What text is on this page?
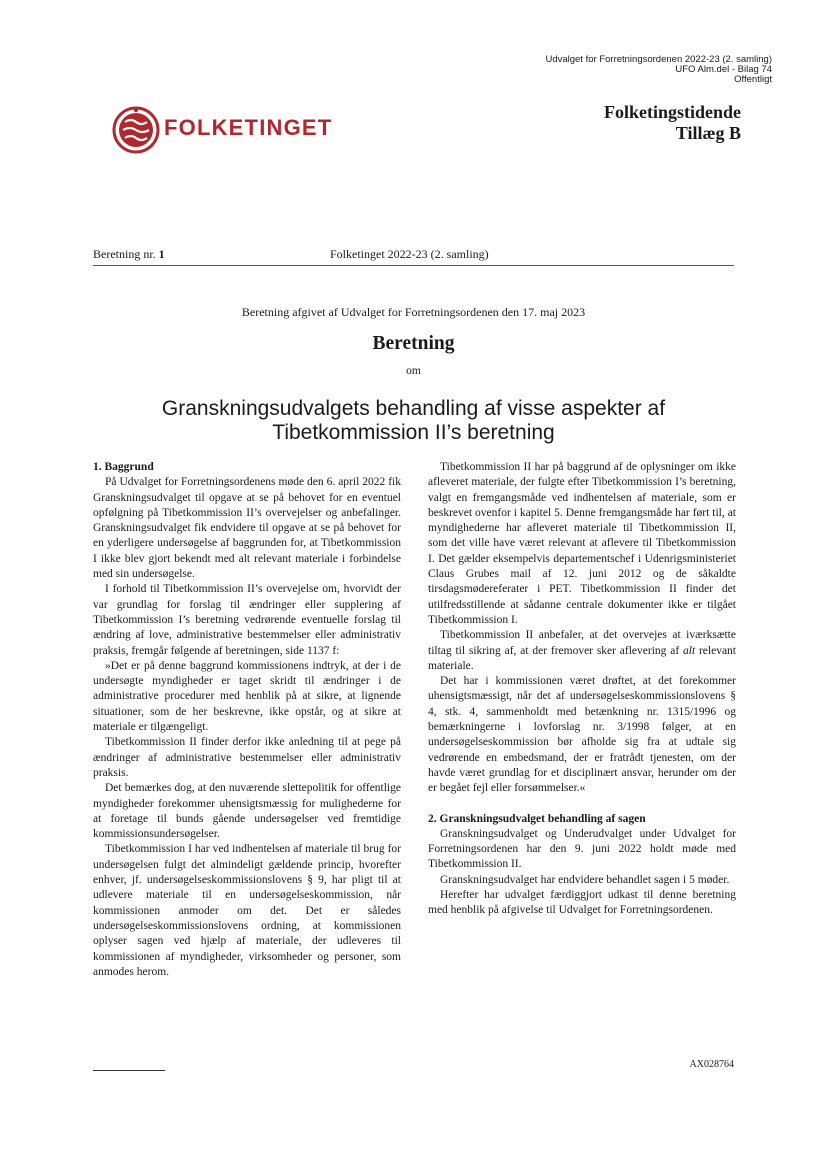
Udvalget for Forretningsordenen 2022-23 (2. samling)
UFO Alm.del - Bilag 74
Offentligt
FOLKETINGET
Folketingstidende
Tillæg B
Beretning nr. 1	Folketinget 2022-23 (2. samling)
Beretning afgivet af Udvalget for Forretningsordenen den 17. maj 2023
Beretning
om
Granskningsudvalgets behandling af visse aspekter af Tibetkommission II’s beretning
1. Baggrund

På Udvalget for Forretningsordenens møde den 6. april 2022 fik Granskningsudvalget til opgave at se på behovet for en eventuel opfølgning på Tibetkommission II’s overvejelser og anbefalinger. Granskningsudvalget fik endvidere til opgave at se på behovet for en yderligere undersøgelse af baggrunden for, at Tibetkommission I ikke blev gjort bekendt med alt relevant materiale i forbindelse med sin undersøgelse.

I forhold til Tibetkommission II’s overvejelse om, hvorvidt der var grundlag for forslag til ændringer eller supplering af Tibetkommission I’s beretning vedrørende eventuelle forslag til ændring af love, administrative bestemmelser eller administrativ praksis, fremgår følgende af beretningen, side 1137 f:

»Det er på denne baggrund kommissionens indtryk, at der i de undersøgte myndigheder er taget skridt til ændringer i de administrative procedurer med henblik på at sikre, at lignende situationer, som de her beskrevne, ikke opstår, og at sikre at materiale er tilgængeligt.

Tibetkommission II finder derfor ikke anledning til at pege på ændringer af administrative bestemmelser eller administrativ praksis.

Det bemærkes dog, at den nuværende slettepolitik for offentlige myndigheder forekommer uhensigtsmæssig for mulighederne for at foretage til bunds gående undersøgelser ved fremtidige kommissionsundersøgelser.

Tibetkommission I har ved indhentelsen af materiale til brug for undersøgelsen fulgt det almindeligt gældende princip, hvorefter enhver, jf. undersøgelseskommissionslovens § 9, har pligt til at udlevere materiale til en undersøgelseskommission, når kommissionen anmoder om det. Det er således undersøgelseskommissionslovens ordning, at kommissionen oplyser sagen ved hjælp af materiale, der udleveres til kommissionen af myndigheder, virksomheder og personer, som anmodes herom.

Tibetkommission II har på baggrund af de oplysninger om ikke afleveret materiale, der fulgte efter Tibetkommission I’s beretning, valgt en fremgangsmåde ved indhentelsen af materiale, som er beskrevet ovenfor i kapitel 5. Denne fremgangsmåde har ført til, at myndighederne har afleveret materiale til Tibetkommission II, som det ville have været relevant at aflevere til Tibetkommission I. Det gælder eksempelvis departementschef i Udenrigsministeriet Claus Grubes mail af 12. juni 2012 og de såkaldte tirsdagsmødereferater i PET. Tibetkommission II finder det utilfredsstillende at sådanne centrale dokumenter ikke er tilgået Tibetkommission I.

Tibetkommission II anbefaler, at det overvejes at iværksætte tiltag til sikring af, at der fremover sker aflevering af alt relevant materiale.

Det har i kommissionen været drøftet, at det forekommer uhensigtsmæssigt, når det af undersøgelseskommissionslovens § 4, stk. 4, sammenholdt med betænkning nr. 1315/1996 og bemærkningerne i lovforslag nr. 3/1998 følger, at en undersøgelseskommission bør afholde sig fra at udtale sig vedrørende en embedsmand, der er fratrådt tjenesten, om der havde været grundlag for et disciplinært ansvar, herunder om der er begået fejl eller forsømmelser.«

2. Granskningsudvalget behandling af sagen

Granskningsudvalget og Underudvalget under Udvalget for Forretningsordenen har den 9. juni 2022 holdt møde med Tibetkommission II.

Granskningsudvalget har endvidere behandlet sagen i 5 møder.

Herefter har udvalget færdiggjort udkast til denne beretning med henblik på afgivelse til Udvalget for Forretningsordenen.

AX028764
